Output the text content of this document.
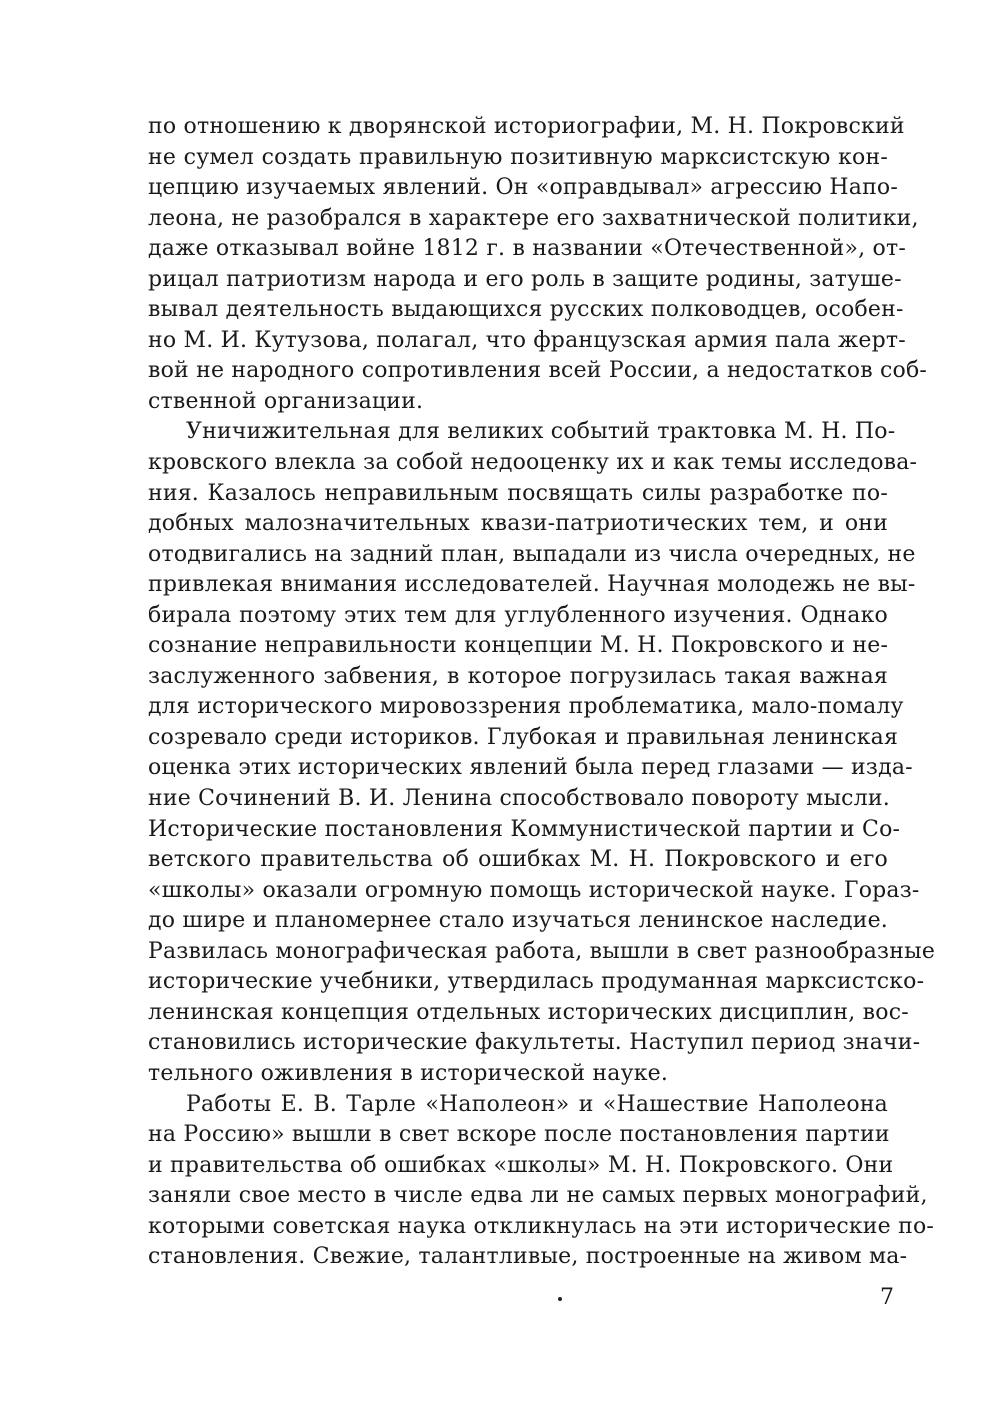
по отношению к дворянской историографии, М. Н. Покровский
не сумел создать правильную позитивную марксистскую кон-
цепцию изучаемых явлений. Он «оправдывал» агрессию Напо-
леона, не разобрался в характере его захватнической политики,
даже отказывал войне 1812 г. в названии «Отечественной», от-
рицал патриотизм народа и его роль в защите родины, затуше-
вывал деятельность выдающихся русских полководцев, особен-
но М. И. Кутузова, полагал, что французская армия пала жерт-
вой не народного сопротивления всей России, а недостатков соб-
ственной организации.
Уничижительная для великих событий трактовка М. Н. По-
кровского влекла за собой недооценку их и как темы исследова-
ния. Казалось неправильным посвящать силы разработке по-
добных малозначительных квази-патриотических тем, и они
отодвигались на задний план, выпадали из числа очередных, не
привлекая внимания исследователей. Научная молодежь не вы-
бирала поэтому этих тем для углубленного изучения. Однако
сознание неправильности концепции М. Н. Покровского и не-
заслуженного забвения, в которое погрузилась такая важная
для исторического мировоззрения проблематика, мало-помалу
созревало среди историков. Глубокая и правильная ленинская
оценка этих исторических явлений была перед глазами — изда-
ние Сочинений В. И. Ленина способствовало повороту мысли.
Исторические постановления Коммунистической партии и Со-
ветского правительства об ошибках М. Н. Покровского и его
«школы» оказали огромную помощь исторической науке. Гораз-
до шире и планомернее стало изучаться ленинское наследие.
Развилась монографическая работа, вышли в свет разнообразные
исторические учебники, утвердилась продуманная марксистско-
ленинская концепция отдельных исторических дисциплин, вос-
становились исторические факультеты. Наступил период значи-
тельного оживления в исторической науке.
Работы Е. В. Тарле «Наполеон» и «Нашествие Наполеона
на Россию» вышли в свет вскоре после постановления партии
и правительства об ошибках «школы» М. Н. Покровского. Они
заняли свое место в числе едва ли не самых первых монографий,
которыми советская наука откликнулась на эти исторические по-
становления. Свежие, талантливые, построенные на живом ма-
7
